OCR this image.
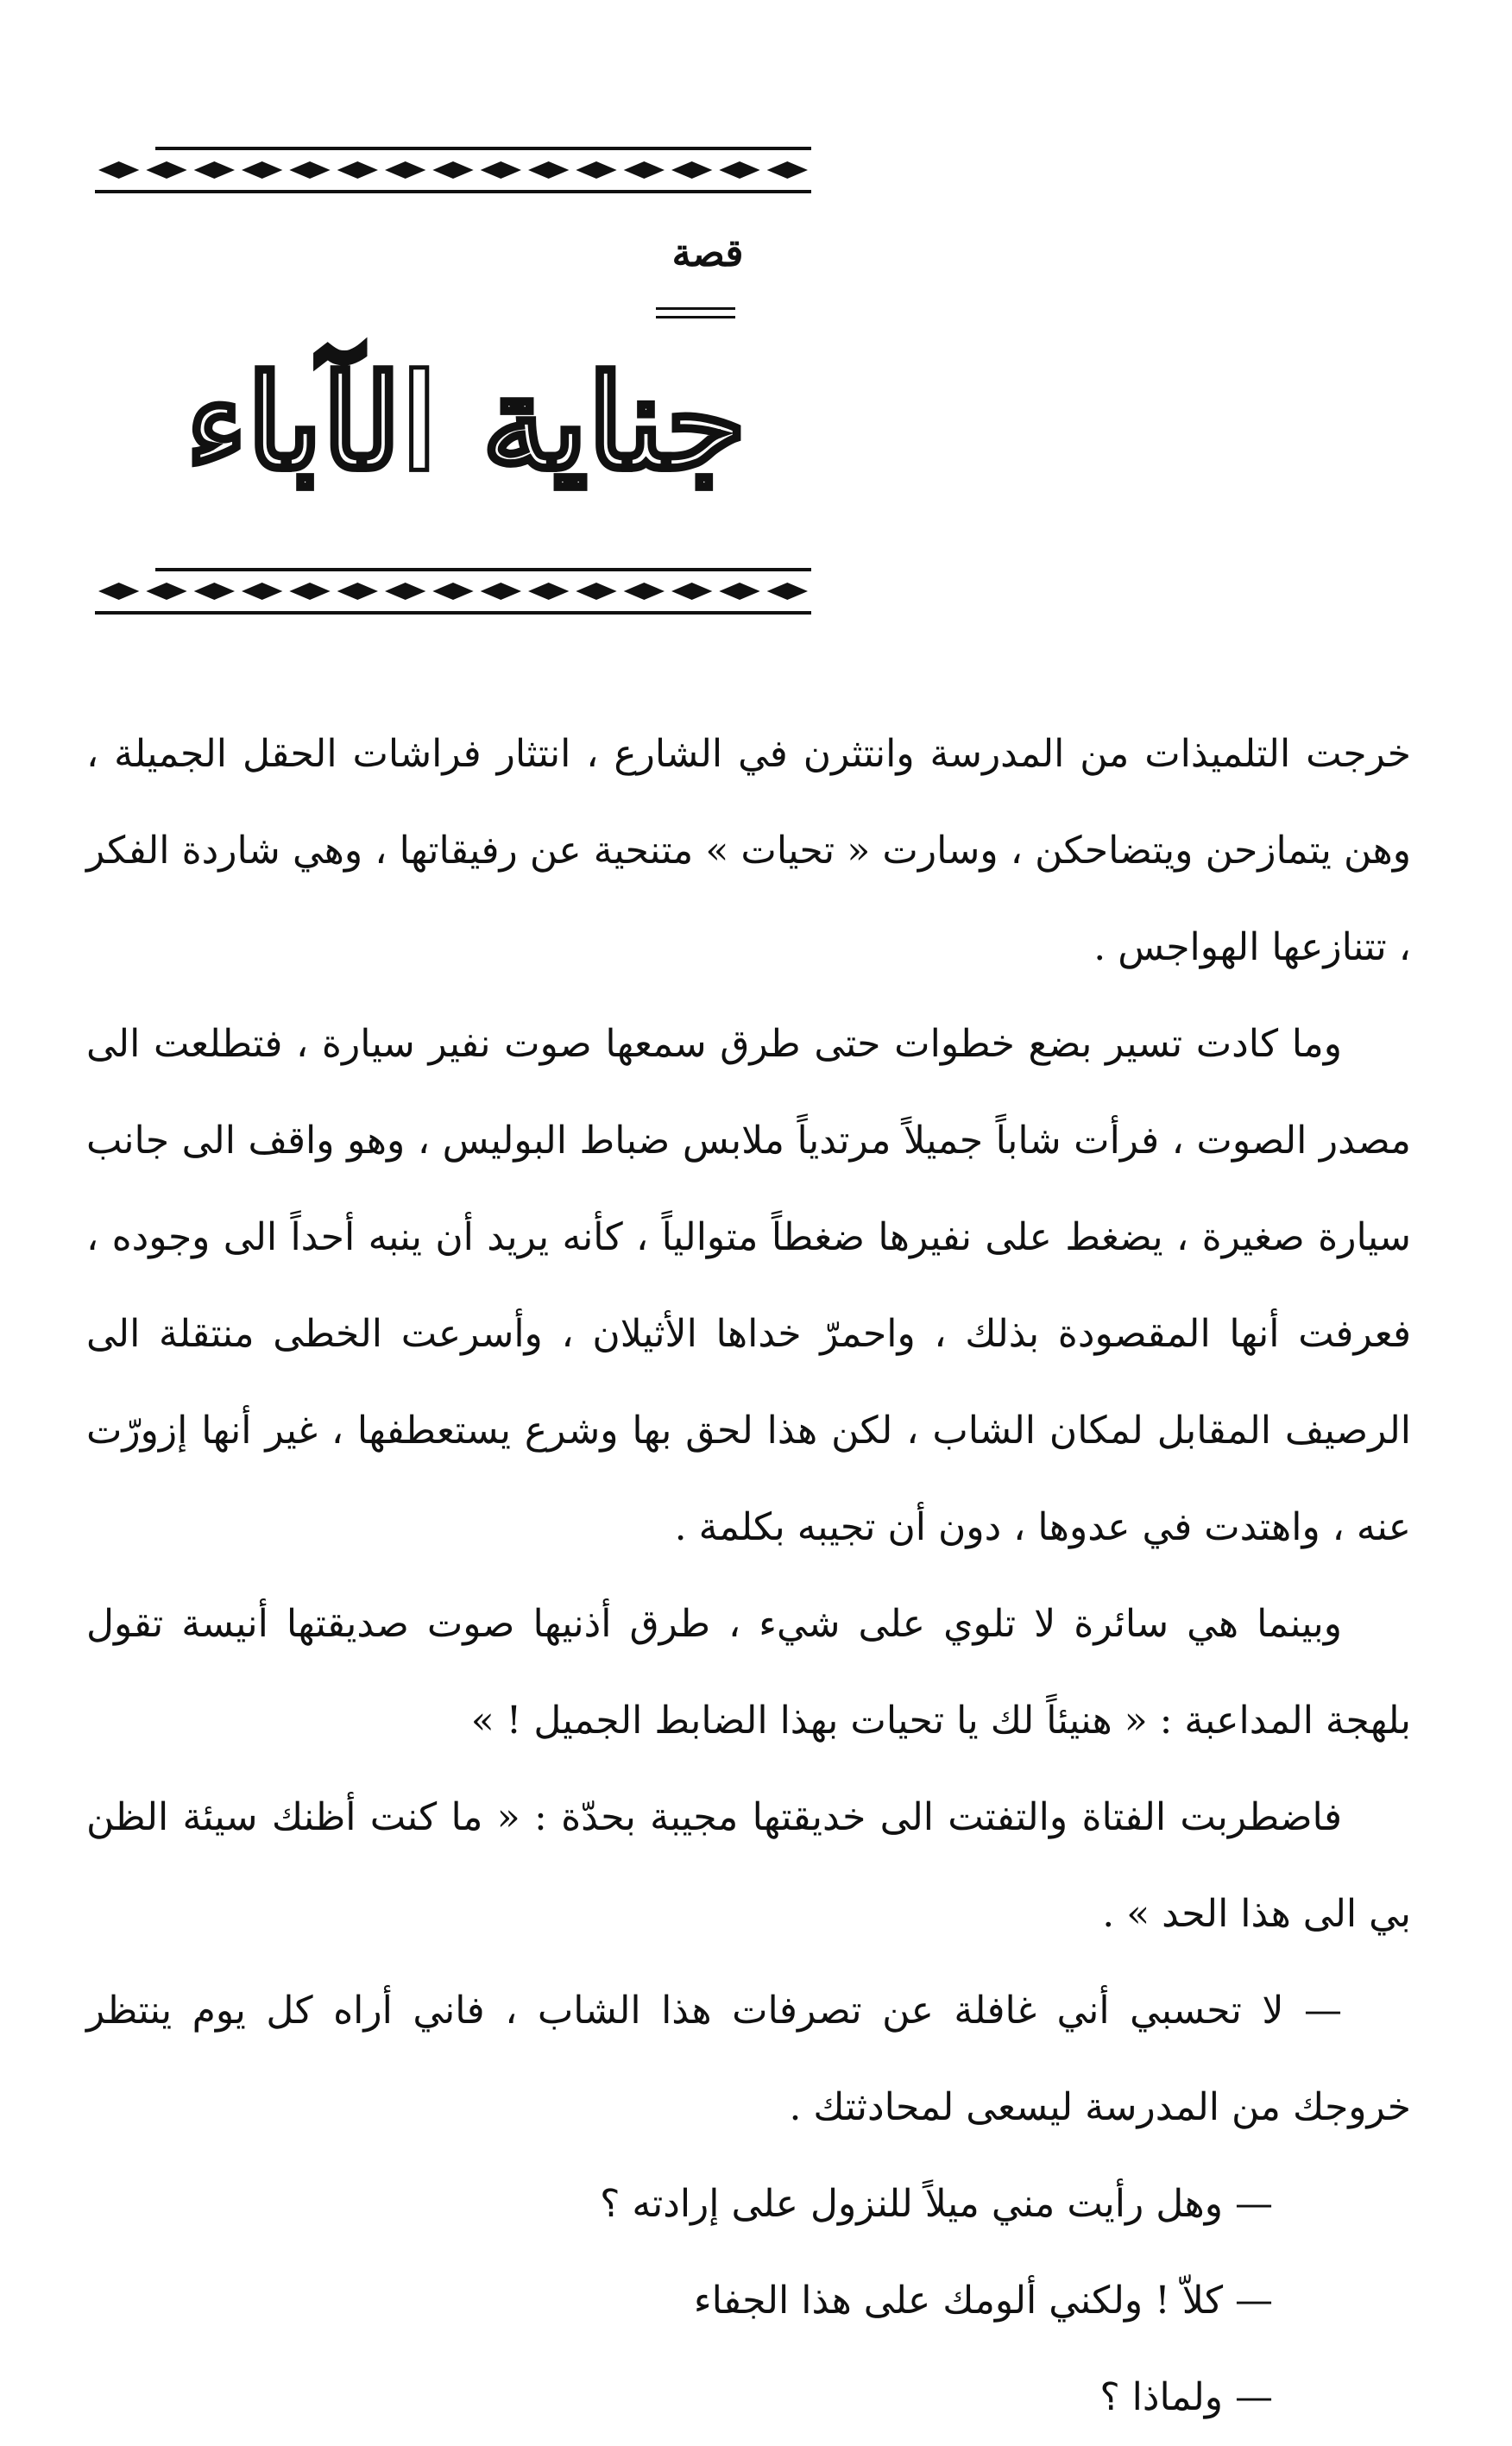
قصة
جناية الآباء

خرجت التلميذات من المدرسة وانتثرن في الشارع ، انتثار فراشات الحقل الجميلة ، وهن يتمازحن ويتضاحكن ، وسارت « تحيات » متنحية عن رفيقاتها ، وهي شاردة الفكر ، تتنازعها الهواجس .

وما كادت تسير بضع خطوات حتى طرق سمعها صوت نفير سيارة ، فتطلعت الى مصدر الصوت ، فرأت شاباً جميلاً مرتدياً ملابس ضباط البوليس ، وهو واقف الى جانب سيارة صغيرة ، يضغط على نفيرها ضغطاً متوالياً ، كأنه يريد أن ينبه أحداً الى وجوده ، فعرفت أنها المقصودة بذلك ، واحمرّ خداها الأثيلان ، وأسرعت الخطى منتقلة الى الرصيف المقابل لمكان الشاب ، لكن هذا لحق بها وشرع يستعطفها ، غير أنها إزورّت عنه ، واهتدت في عدوها ، دون أن تجيبه بكلمة .

وبينما هي سائرة لا تلوي على شيء ، طرق أذنيها صوت صديقتها أنيسة تقول بلهجة المداعبة : « هنيئاً لك يا تحيات بهذا الضابط الجميل ! »

فاضطربت الفتاة والتفتت الى خديقتها مجيبة بحدّة : « ما كنت أظنك سيئة الظن بي الى هذا الحد » .

— لا تحسبي أني غافلة عن تصرفات هذا الشاب ، فاني أراه كل يوم ينتظر خروجك من المدرسة ليسعى لمحادثتك .

— وهل رأيت مني ميلاً للنزول على إرادته ؟

— كلاّ ! ولكني ألومك على هذا الجفاء

— ولماذا ؟
